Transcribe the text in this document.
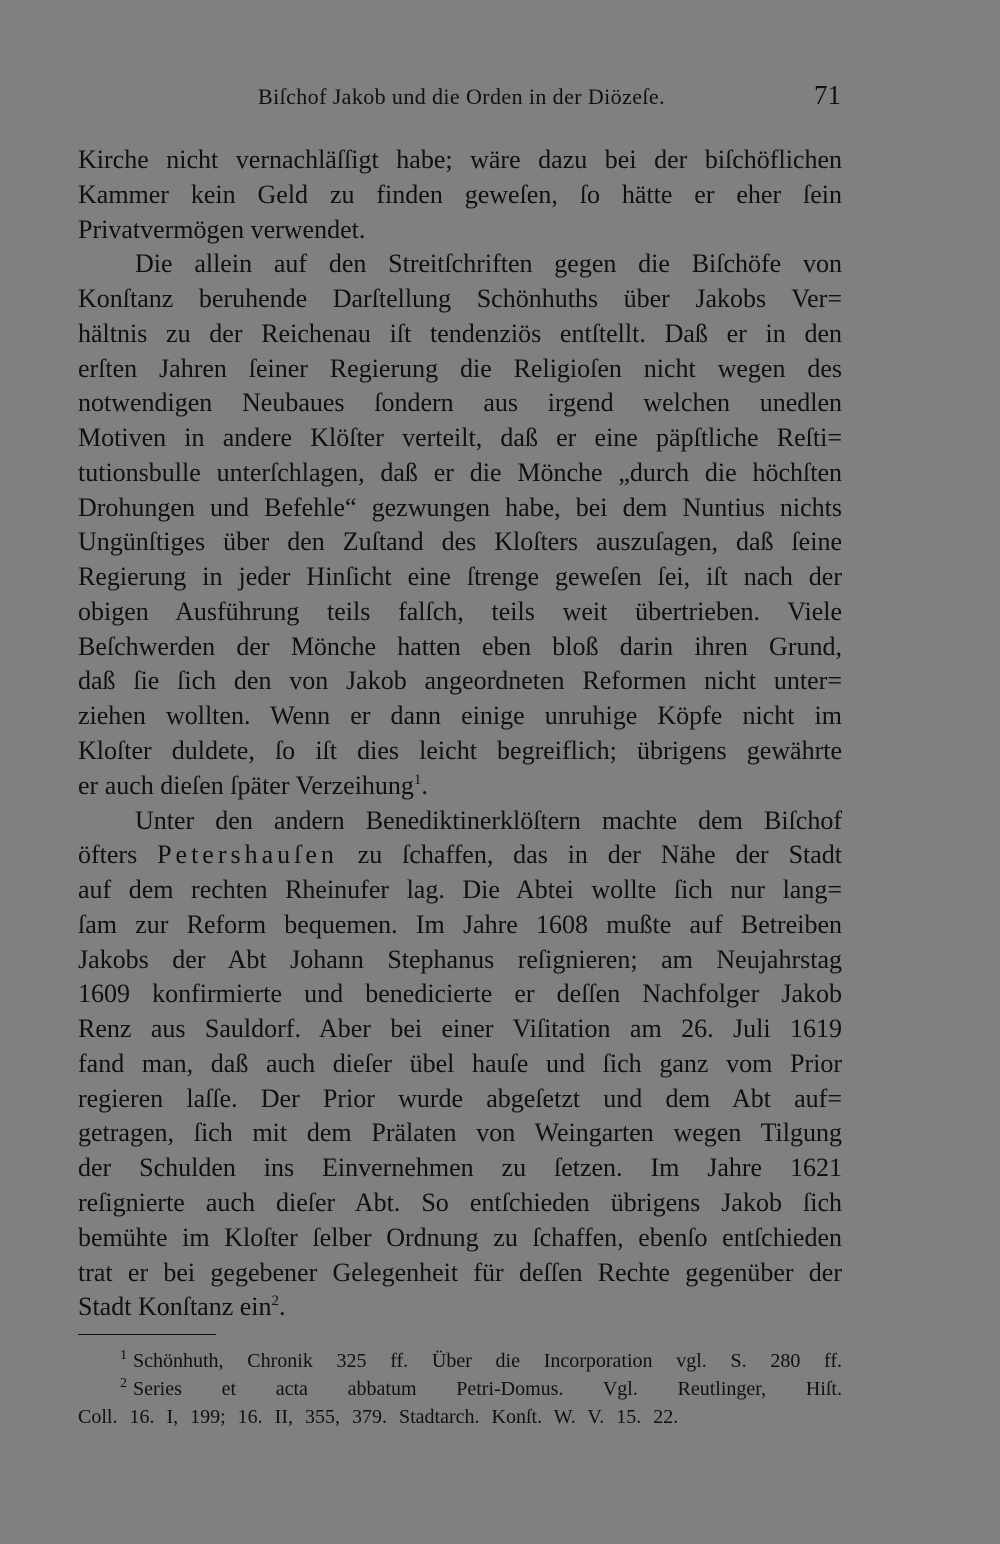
Biſchof Jakob und die Orden in der Diözeſe.	71
Kirche nicht vernachläſſigt habe; wäre dazu bei der biſchöflichen
Kammer kein Geld zu finden geweſen, ſo hätte er eher ſein
Privatvermögen verwendet.
Die allein auf den Streitſchriften gegen die Biſchöfe von
Konſtanz beruhende Darſtellung Schönhuths über Jakobs Ver=
hältnis zu der Reichenau iſt tendenziös entſtellt. Daß er in den
erſten Jahren ſeiner Regierung die Religioſen nicht wegen des
notwendigen Neubaues ſondern aus irgend welchen unedlen
Motiven in andere Klöſter verteilt, daß er eine päpſtliche Reſti=
tutionsbulle unterſchlagen, daß er die Mönche „durch die höchſten
Drohungen und Befehle“ gezwungen habe, bei dem Nuntius nichts
Ungünſtiges über den Zuſtand des Kloſters auszuſagen, daß ſeine
Regierung in jeder Hinſicht eine ſtrenge geweſen ſei, iſt nach der
obigen Ausführung teils falſch, teils weit übertrieben. Viele
Beſchwerden der Mönche hatten eben bloß darin ihren Grund,
daß ſie ſich den von Jakob angeordneten Reformen nicht unter=
ziehen wollten. Wenn er dann einige unruhige Köpfe nicht im
Kloſter duldete, ſo iſt dies leicht begreiflich; übrigens gewährte
er auch dieſen ſpäter Verzeihung$^1$.
Unter den andern Benediktinerklöſtern machte dem Biſchof
öfters Petershauſen zu ſchaffen, das in der Nähe der Stadt
auf dem rechten Rheinufer lag. Die Abtei wollte ſich nur lang=
ſam zur Reform bequemen. Im Jahre 1608 mußte auf Betreiben
Jakobs der Abt Johann Stephanus reſignieren; am Neujahrstag
1609 konfirmierte und benedicierte er deſſen Nachfolger Jakob
Renz aus Sauldorf. Aber bei einer Viſitation am 26. Juli 1619
fand man, daß auch dieſer übel hauſe und ſich ganz vom Prior
regieren laſſe. Der Prior wurde abgeſetzt und dem Abt auf=
getragen, ſich mit dem Prälaten von Weingarten wegen Tilgung
der Schulden ins Einvernehmen zu ſetzen. Im Jahre 1621
reſignierte auch dieſer Abt. So entſchieden übrigens Jakob ſich
bemühte im Kloſter ſelber Ordnung zu ſchaffen, ebenſo entſchieden
trat er bei gegebener Gelegenheit für deſſen Rechte gegenüber der
Stadt Konſtanz ein$^2$.
$^1$ Schönhuth, Chronik 325 ff. Über die Incorporation vgl. S. 280 ff.
$^2$ Series et acta abbatum Petri-Domus. Vgl. Reutlinger, Hiſt.
Coll. 16. I, 199; 16. II, 355, 379. Stadtarch. Konſt. W. V. 15. 22.
